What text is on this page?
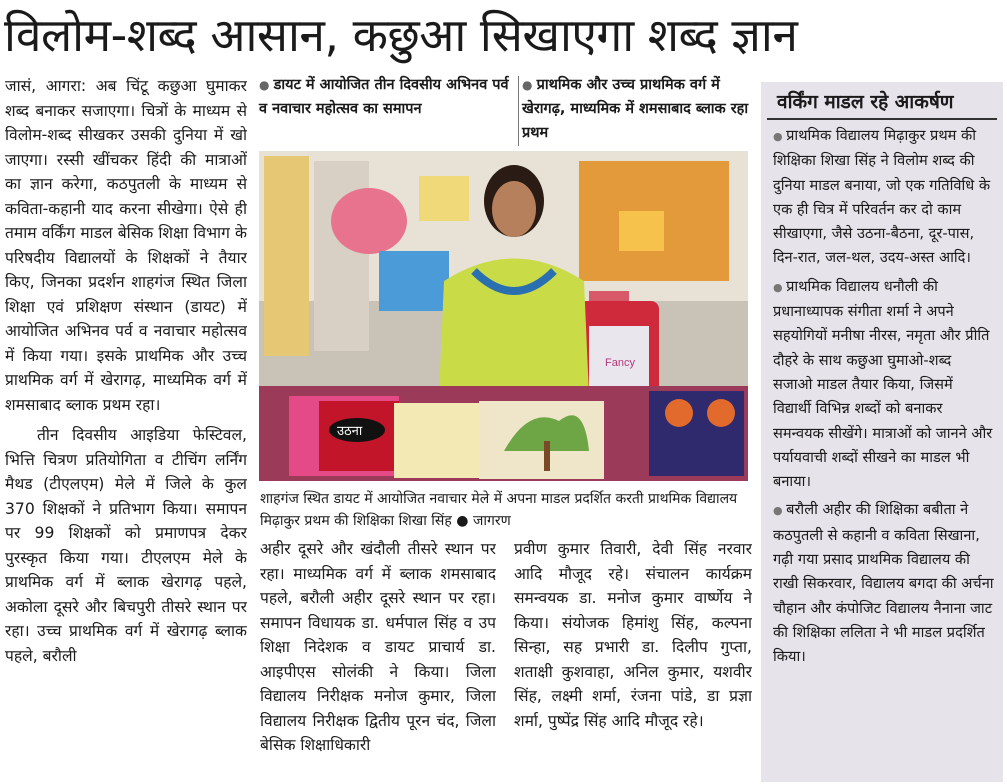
विलोम-शब्द आसान, कछुआ सिखाएगा शब्द ज्ञान

जासं, आगरा: अब चिंटू कछुआ घुमाकर शब्द बनाकर सजाएगा। चित्रों के माध्यम से विलोम-शब्द सीखकर उसकी दुनिया में खो जाएगा। रस्सी खींचकर हिंदी की मात्राओं का ज्ञान करेगा, कठपुतली के माध्यम से कविता-कहानी याद करना सीखेगा। ऐसे ही तमाम वर्किंग माडल बेसिक शिक्षा विभाग के परिषदीय विद्यालयों के शिक्षकों ने तैयार किए, जिनका प्रदर्शन शाहगंज स्थित जिला शिक्षा एवं प्रशिक्षण संस्थान (डायट) में आयोजित अभिनव पर्व व नवाचार महोत्सव में किया गया। इसके प्राथमिक और उच्च प्राथमिक वर्ग में खेरागढ़, माध्यमिक वर्ग में शमसाबाद ब्लाक प्रथम रहा।

तीन दिवसीय आइडिया फेस्टिवल, भित्ति चित्रण प्रतियोगिता व टीचिंग लर्निंग मैथड (टीएलएम) मेले में जिले के कुल 370 शिक्षकों ने प्रतिभाग किया। समापन पर 99 शिक्षकों को प्रमाणपत्र देकर पुरस्कृत किया गया। टीएलएम मेले के प्राथमिक वर्ग में ब्लाक खेरागढ़ पहले, अकोला दूसरे और बिचपुरी तीसरे स्थान पर रहा। उच्च प्राथमिक वर्ग में खेरागढ़ ब्लाक पहले, बरौली

● डायट में आयोजित तीन दिवसीय अभिनव पर्व व नवाचार महोत्सव का समापन
● प्राथमिक और उच्च प्राथमिक वर्ग में खेरागढ़, माध्यमिक में शमसाबाद ब्लाक रहा प्रथम
Fancy
उठना
शाहगंज स्थित डायट में आयोजित नवाचार मेले में अपना माडल प्रदर्शित करती प्राथमिक विद्यालय मिढ़ाकुर प्रथम की शिक्षिका शिखा सिंह ● जागरण
अहीर दूसरे और खंदौली तीसरे स्थान पर रहा। माध्यमिक वर्ग में ब्लाक शमसाबाद पहले, बरौली अहीर दूसरे स्थान पर रहा। समापन विधायक डा. धर्मपाल सिंह व उप शिक्षा निदेशक व डायट प्राचार्य डा. आइपीएस सोलंकी ने किया। जिला विद्यालय निरीक्षक मनोज कुमार, जिला विद्यालय निरीक्षक द्वितीय पूरन चंद, जिला बेसिक शिक्षाधिकारी
प्रवीण कुमार तिवारी, देवी सिंह नरवार आदि मौजूद रहे। संचालन कार्यक्रम समन्वयक डा. मनोज कुमार वार्ष्णेय ने किया। संयोजक हिमांशु सिंह, कल्पना सिन्हा, सह प्रभारी डा. दिलीप गुप्ता, शताक्षी कुशवाहा, अनिल कुमार, यशवीर सिंह, लक्ष्मी शर्मा, रंजना पांडे, डा प्रज्ञा शर्मा, पुष्पेंद्र सिंह आदि मौजूद रहे।
वर्किंग माडल रहे आकर्षण
● प्राथमिक विद्यालय मिढ़ाकुर प्रथम की शिक्षिका शिखा सिंह ने विलोम शब्द की दुनिया माडल बनाया, जो एक गतिविधि के एक ही चित्र में परिवर्तन कर दो काम सीखाएगा, जैसे उठना-बैठना, दूर-पास, दिन-रात, जल-थल, उदय-अस्त आदि।
● प्राथमिक विद्यालय धनौली की प्रधानाध्यापक संगीता शर्मा ने अपने सहयोगियों मनीषा नीरस, नमृता और प्रीति दौहरे के साथ कछुआ घुमाओ-शब्द सजाओ माडल तैयार किया, जिसमें विद्यार्थी विभिन्न शब्दों को बनाकर समन्वयक सीखेंगे। मात्राओं को जानने और पर्यायवाची शब्दों सीखने का माडल भी बनाया।
● बरौली अहीर की शिक्षिका बबीता ने कठपुतली से कहानी व कविता सिखाना, गढ़ी गया प्रसाद प्राथमिक विद्यालय की राखी सिकरवार, विद्यालय बगदा की अर्चना चौहान और कंपोजिट विद्यालय नैनाना जाट की शिक्षिका ललिता ने भी माडल प्रदर्शित किया।
